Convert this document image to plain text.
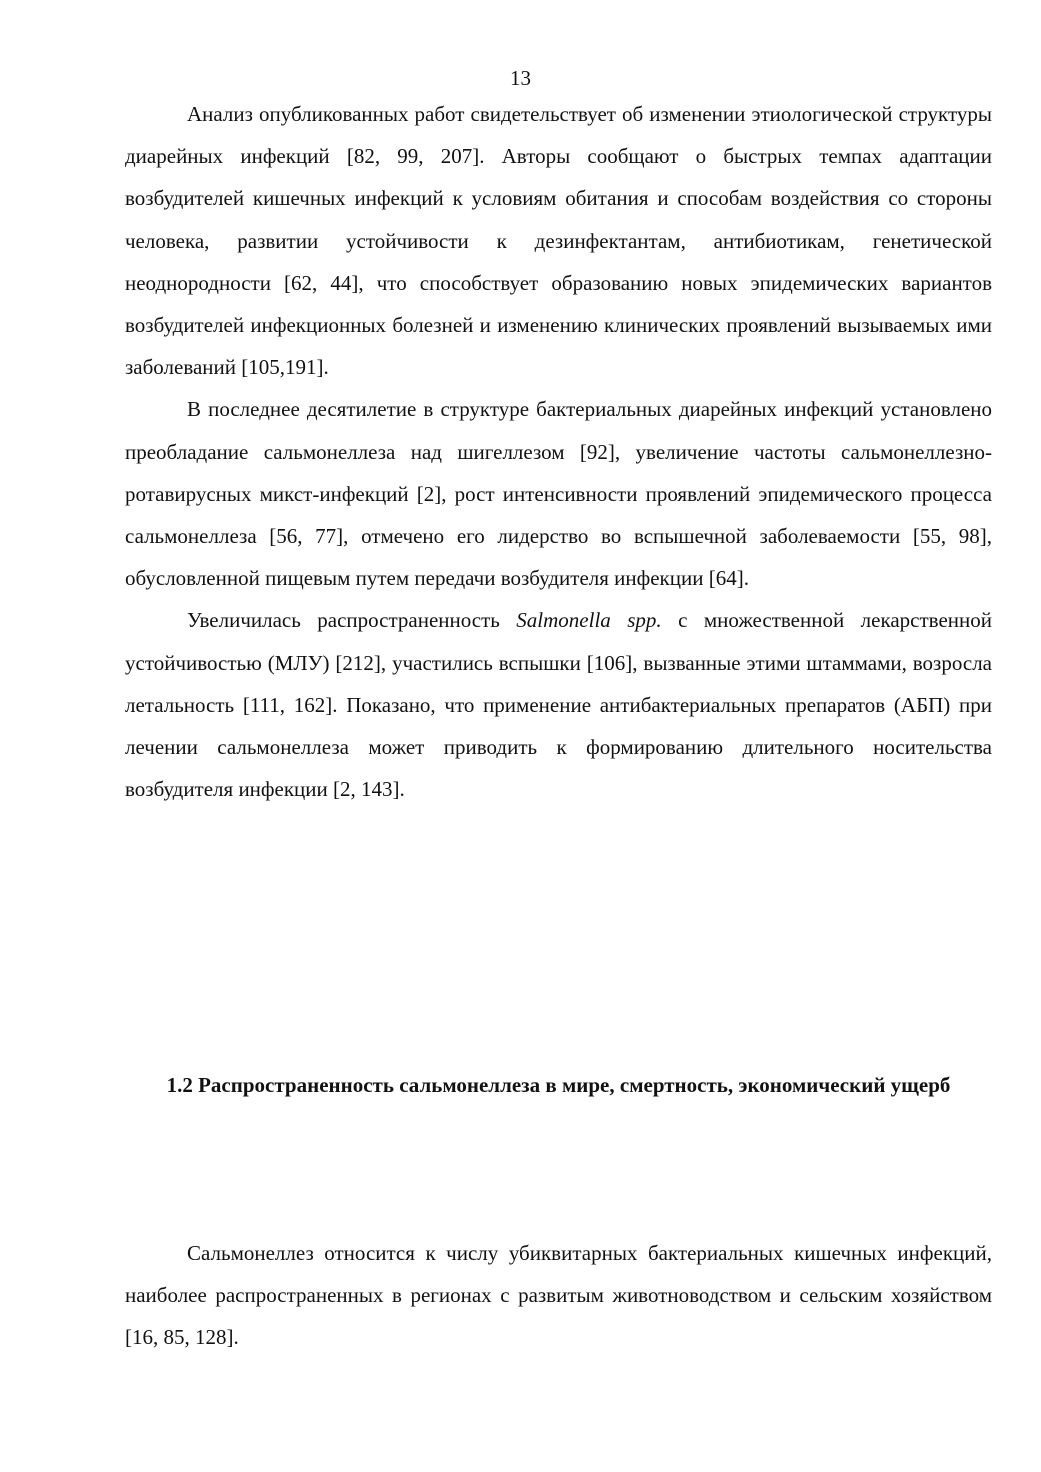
13

Анализ опубликованных работ свидетельствует об изменении этиологической структуры диарейных инфекций [82, 99, 207]. Авторы сообщают о быстрых темпах адаптации возбудителей кишечных инфекций к условиям обитания и способам воздействия со стороны человека, развитии устойчивости к дезинфектантам, антибиотикам, генетической неоднородности [62, 44], что способствует образованию новых эпидемических вариантов возбудителей инфекционных болезней и изменению клинических проявлений вызываемых ими заболеваний [105,191].

В последнее десятилетие в структуре бактериальных диарейных инфекций установлено преобладание сальмонеллеза над шигеллезом [92], увеличение частоты сальмонеллезно-ротавирусных микст-инфекций [2], рост интенсивности проявлений эпидемического процесса сальмонеллеза [56, 77], отмечено его лидерство во вспышечной заболеваемости [55, 98], обусловленной пищевым путем передачи возбудителя инфекции [64].

Увеличилась распространенность Salmonella spp. с множественной лекарственной устойчивостью (МЛУ) [212], участились вспышки [106], вызванные этими штаммами, возросла летальность [111, 162]. Показано, что применение антибактериальных препаратов (АБП) при лечении сальмонеллеза может приводить к формированию длительного носительства возбудителя инфекции [2, 143].

1.2 Распространенность сальмонеллеза в мире, смертность, экономический ущерб

Сальмонеллез относится к числу убиквитарных бактериальных кишечных инфекций, наиболее распространенных в регионах с развитым животноводством и сельским хозяйством [16, 85, 128].
